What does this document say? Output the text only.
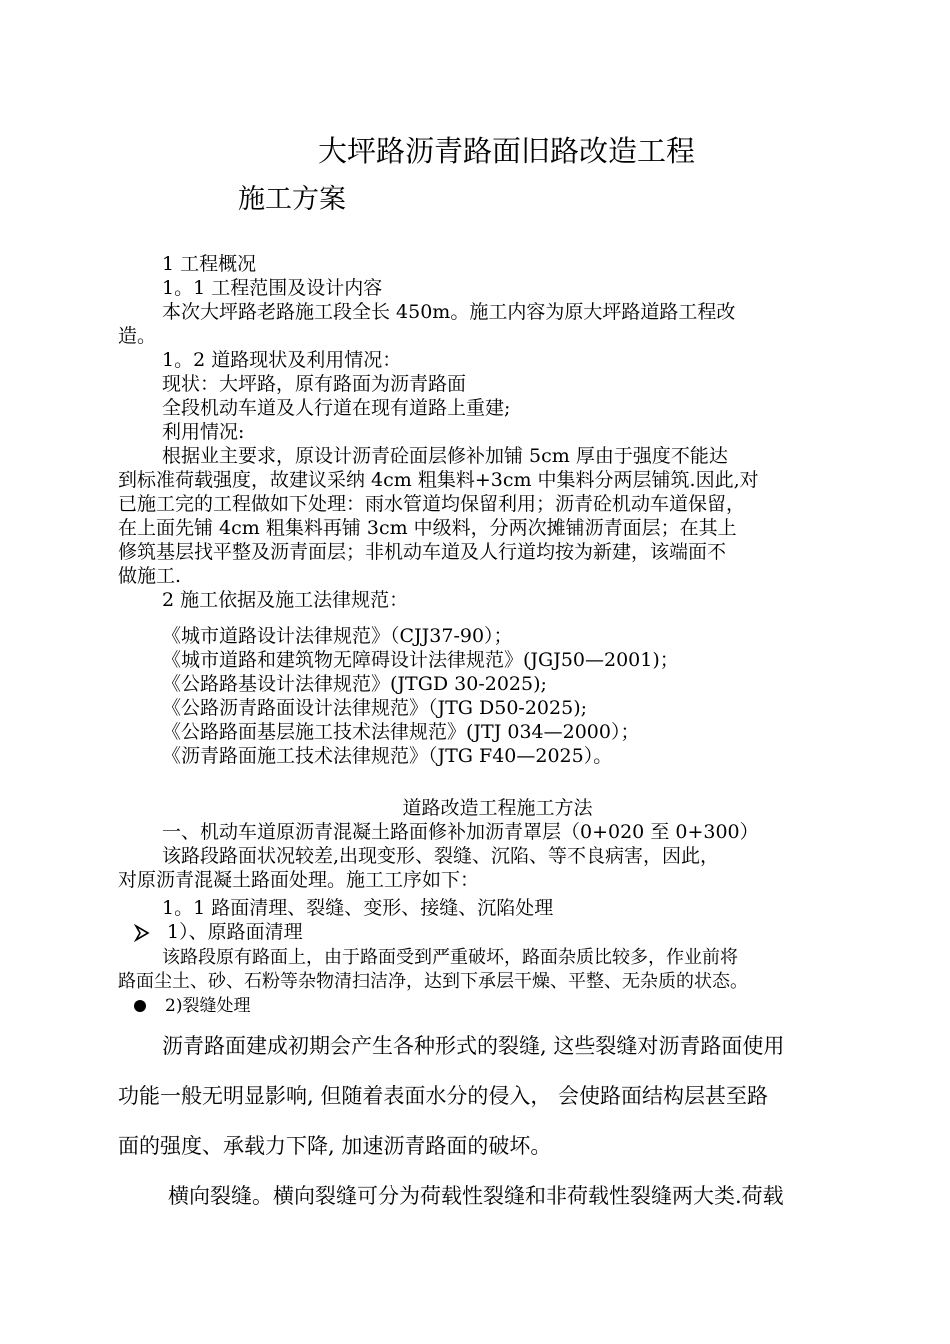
大坪路沥青路面旧路改造工程
施工方案
1 工程概况
1。1 工程范围及设计内容
本次大坪路老路施工段全长 450m。施工内容为原大坪路道路工程改
造。
1。2 道路现状及利用情况：
现状：大坪路，原有路面为沥青路面
全段机动车道及人行道在现有道路上重建;
利用情况:
根据业主要求，原设计沥青砼面层修补加铺 5cm 厚由于强度不能达
到标准荷载强度，故建议采纳 4cm 粗集料+3cm 中集料分两层铺筑.因此,对
已施工完的工程做如下处理：雨水管道均保留利用；沥青砼机动车道保留，
在上面先铺 4cm 粗集料再铺 3cm 中级料，分两次摊铺沥青面层；在其上
修筑基层找平整及沥青面层；非机动车道及人行道均按为新建，该端面不
做施工.
2 施工依据及施工法律规范：
《城市道路设计法律规范》（CJJ37-90）；
《城市道路和建筑物无障碍设计法律规范》(JGJ50—2001)；
《公路路基设计法律规范》(JTGD 30-2025);
《公路沥青路面设计法律规范》（JTG D50-2025);
《公路路面基层施工技术法律规范》(JTJ 034—2000）；
《沥青路面施工技术法律规范》（JTG F40—2025）。
道路改造工程施工方法
一、机动车道原沥青混凝土路面修补加沥青罩层（0+020 至 0+300）
该路段路面状况较差,出现变形、裂缝、沉陷、等不良病害，因此，
对原沥青混凝土路面处理。施工工序如下：
1。1 路面清理、裂缝、变形、接缝、沉陷处理
1）、原路面清理
该路段原有路面上，由于路面受到严重破坏，路面杂质比较多，作业前将
路面尘土、砂、石粉等杂物清扫洁净，达到下承层干燥、平整、无杂质的状态。
2)裂缝处理
沥青路面建成初期会产生各种形式的裂缝, 这些裂缝对沥青路面使用
功能一般无明显影响, 但随着表面水分的侵入， 会使路面结构层甚至路
面的强度、承载力下降, 加速沥青路面的破坏。
横向裂缝。横向裂缝可分为荷载性裂缝和非荷载性裂缝两大类.荷载
